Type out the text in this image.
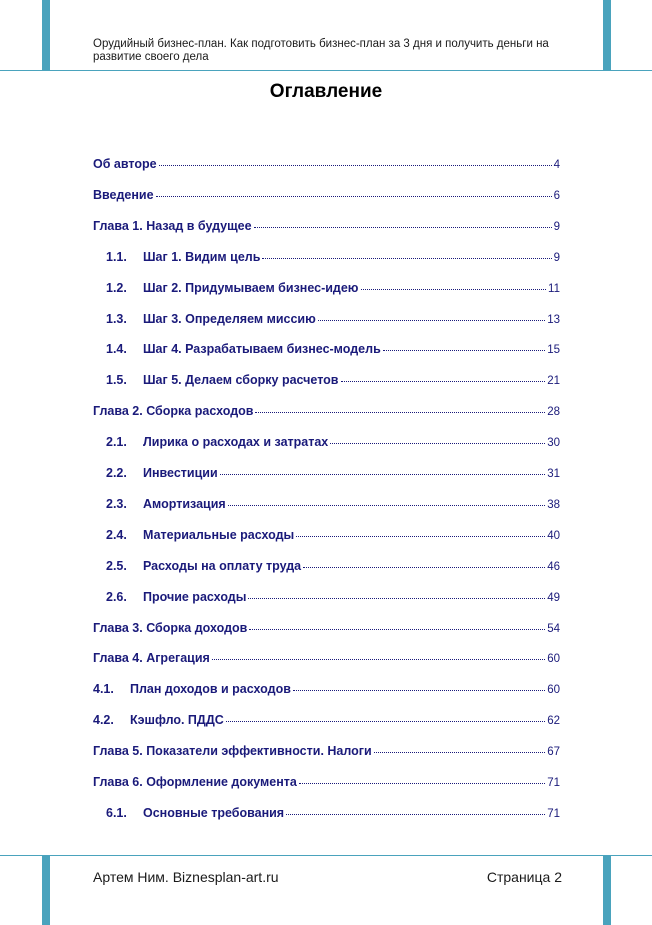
Орудийный бизнес-план. Как подготовить бизнес-план за 3 дня и получить деньги на развитие своего дела
Оглавление
Об авторе	4
Введение	6
Глава 1. Назад в будущее	9
1.1.	Шаг 1. Видим цель	9
1.2.	Шаг 2. Придумываем бизнес-идею	11
1.3.	Шаг 3. Определяем миссию	13
1.4.	Шаг 4. Разрабатываем бизнес-модель	15
1.5.	Шаг 5. Делаем сборку расчетов	21
Глава 2. Сборка расходов	28
2.1.	Лирика о расходах и затратах	30
2.2.	Инвестиции	31
2.3.	Амортизация	38
2.4.	Материальные расходы	40
2.5.	Расходы на оплату труда	46
2.6.	Прочие расходы	49
Глава 3. Сборка доходов	54
Глава 4. Агрегация	60
4.1.	План доходов и расходов	60
4.2.	Кэшфло. ПДДС	62
Глава 5. Показатели эффективности. Налоги	67
Глава 6. Оформление документа	71
6.1.	Основные требования	71
Артем Ним. Biznesplan-art.ru	Страница 2
